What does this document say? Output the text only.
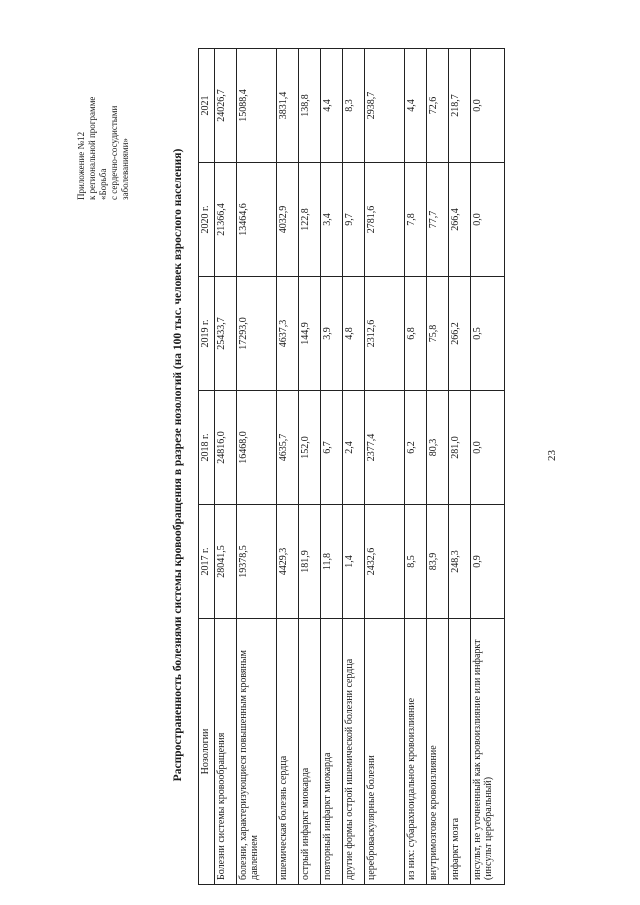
Приложение №12 к региональной программе «Борьба с сердечно-сосудистыми заболеваниями»	Распространенность болезнями системы кровообращения в разрезе нозологий (на 100 тыс. человек взрослого населения) Нозологии	2017 г.	2018 г.	2019 г.	2020 г.	2021
Болезни системы кровообращения	28041,5	24816,0	25433,7	21366,4	24026,7
болезни, характеризующиеся повышенным кровяным давлением	19378,5	16468,0	17293,0	13464,6	15088,4
ишемическая болезнь сердца	4429,3	4635,7	4637,3	4032,9	3831,4
острый инфаркт миокарда	181,9	152,0	144,9	122,8	138,8
повторный инфаркт миокарда	11,8	6,7	3,9	3,4	4,4
другие формы острой ишемической болезни сердца	1,4	2,4	4,8	9,7	8,3
цереброваскулярные болезни	2432,6	2377,4	2312,6	2781,6	2938,7
из них: субарахноидальное кровоизлияние	8,5	6,2	6,8	7,8	4,4
внутримозговое кровоизлияние	83,9	80,3	75,8	77,7	72,6
инфаркт мозга	248,3	281,0	266,2	266,4	218,7
инсульт, не уточненный как кровоизлияние или инфаркт (инсульт церебральный)	0,9	0,0	0,5	0,0	0,0
23
